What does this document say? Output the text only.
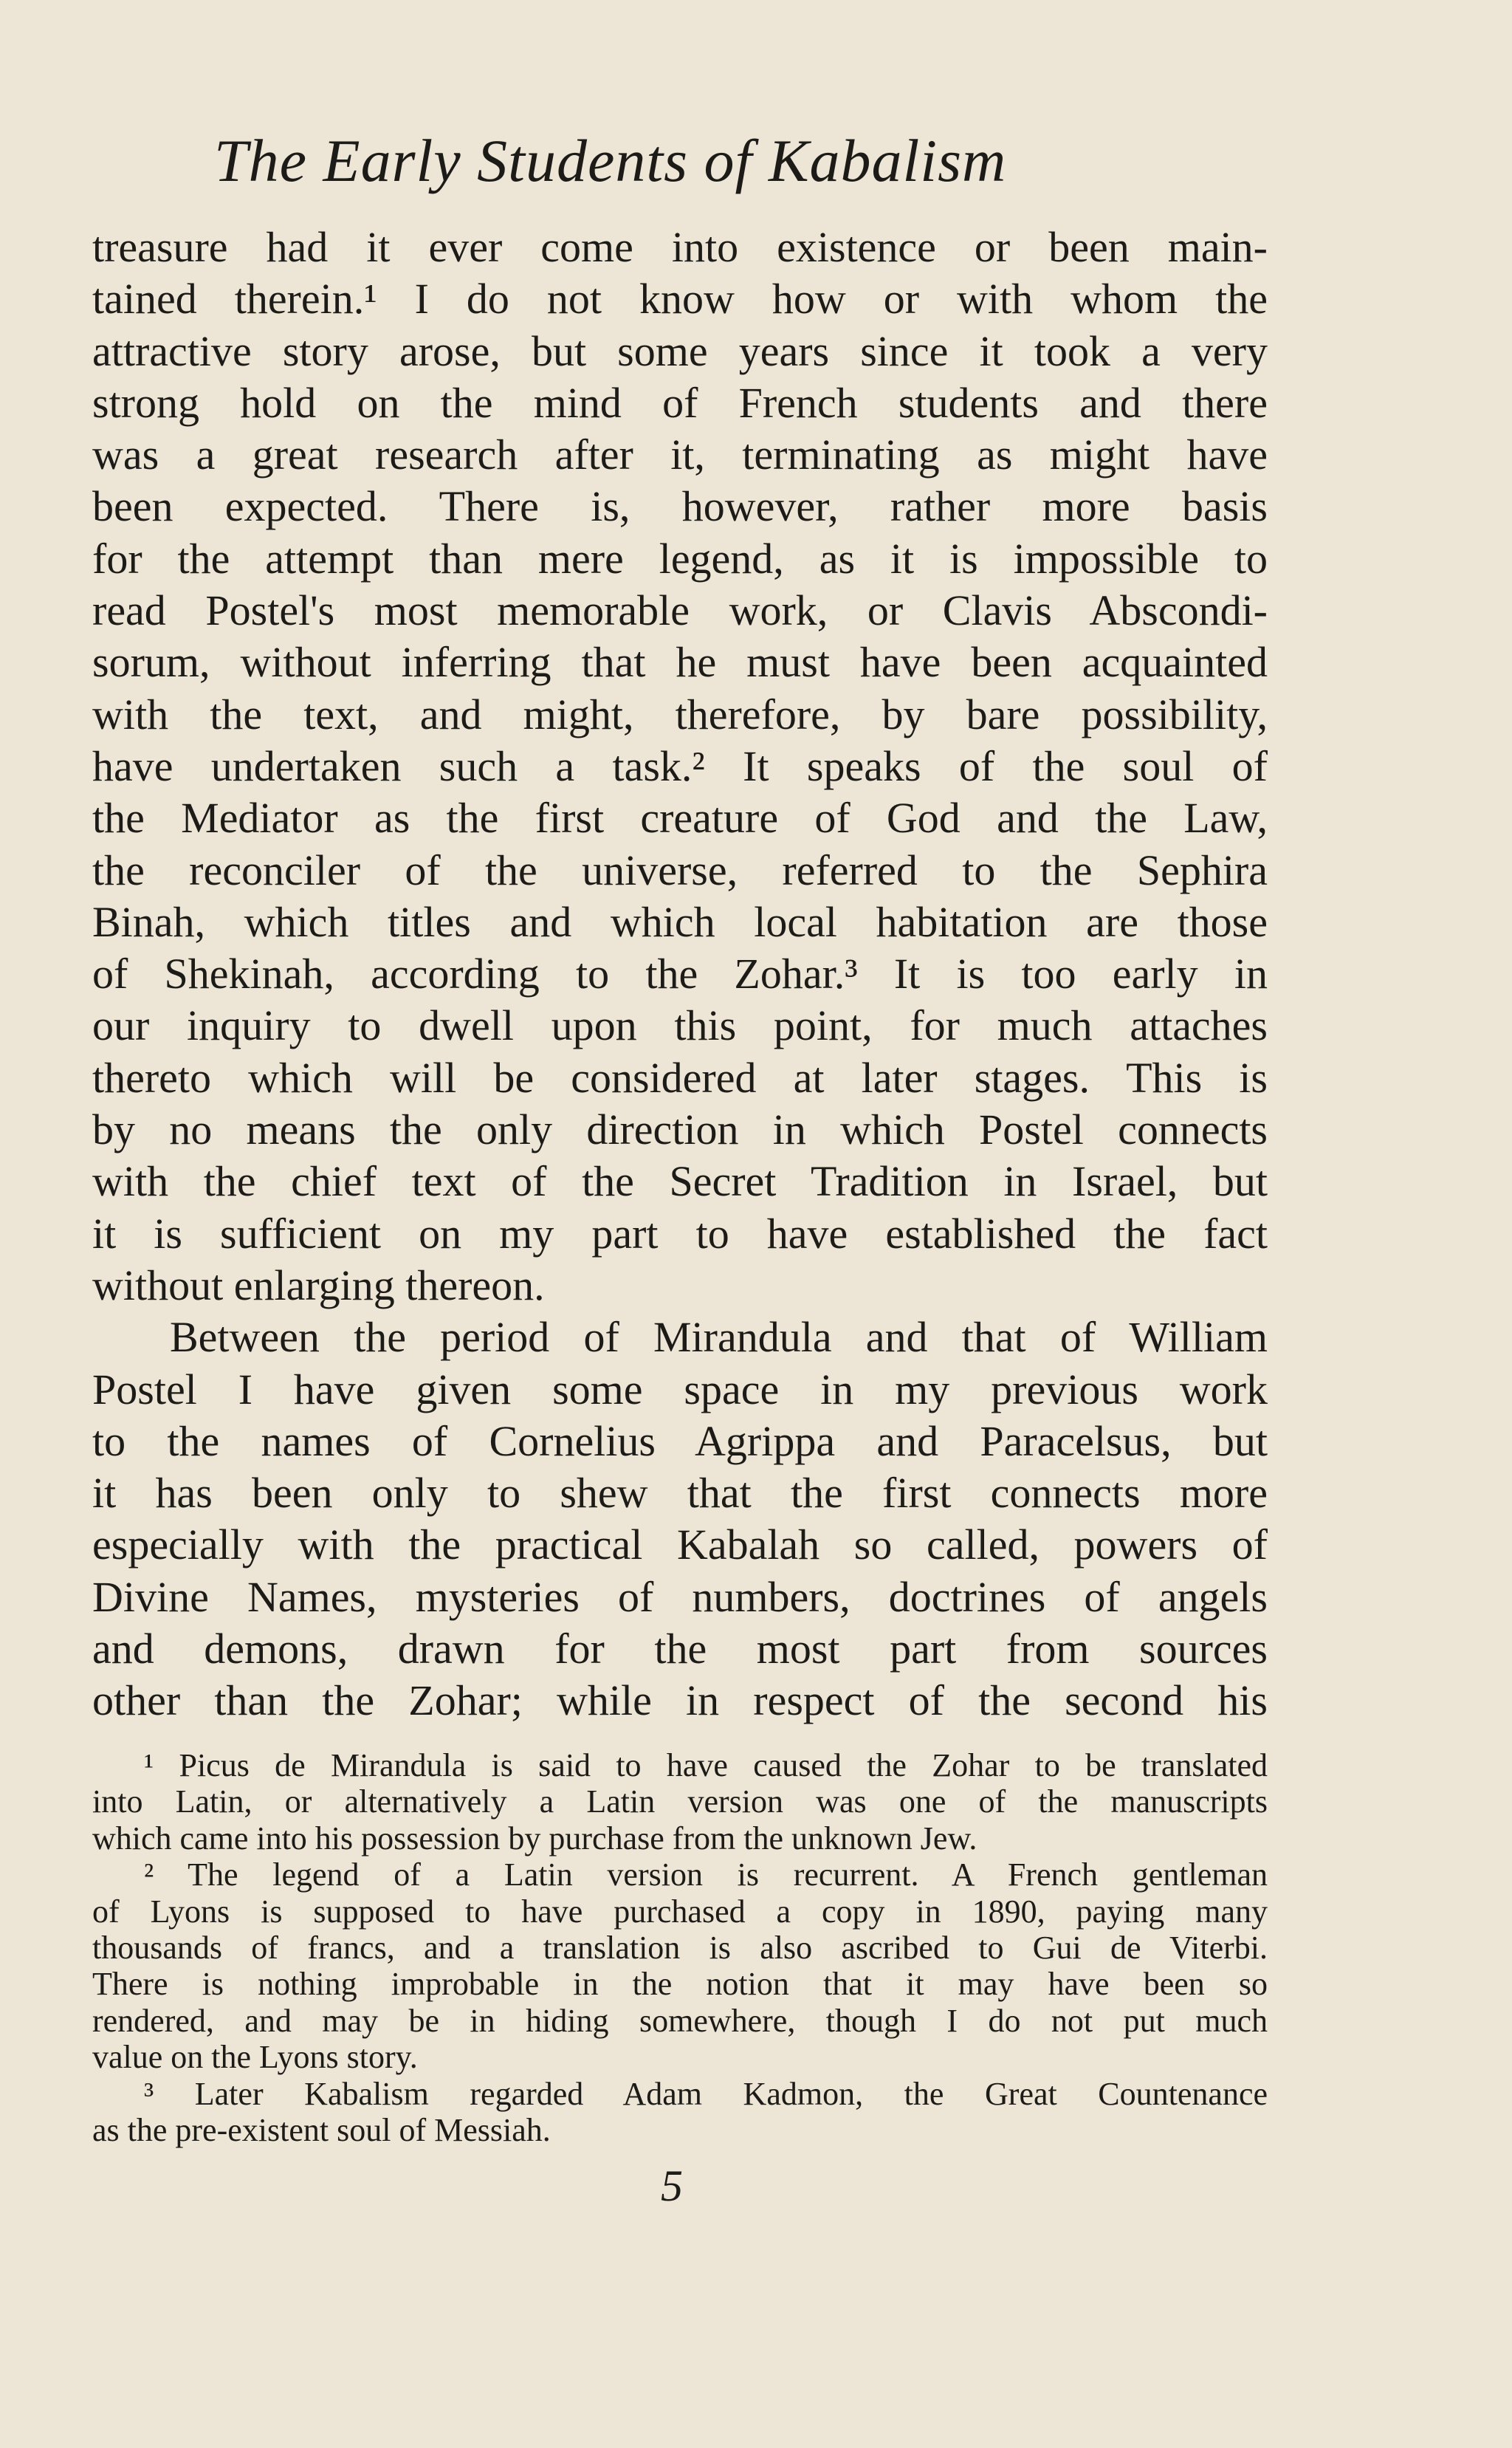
The Early Students of Kabalism
treasure had it ever come into existence or been main-
tained therein.¹ I do not know how or with whom the
attractive story arose, but some years since it took a very
strong hold on the mind of French students and there
was a great research after it, terminating as might have
been expected. There is, however, rather more basis
for the attempt than mere legend, as it is impossible to
read Postel's most memorable work, or Clavis Abscondi-
sorum, without inferring that he must have been acquainted
with the text, and might, therefore, by bare possibility,
have undertaken such a task.² It speaks of the soul of
the Mediator as the first creature of God and the Law,
the reconciler of the universe, referred to the Sephira
Binah, which titles and which local habitation are those
of Shekinah, according to the Zohar.³ It is too early in
our inquiry to dwell upon this point, for much attaches
thereto which will be considered at later stages. This is
by no means the only direction in which Postel connects
with the chief text of the Secret Tradition in Israel, but
it is sufficient on my part to have established the fact
without enlarging thereon.
Between the period of Mirandula and that of William
Postel I have given some space in my previous work
to the names of Cornelius Agrippa and Paracelsus, but
it has been only to shew that the first connects more
especially with the practical Kabalah so called, powers of
Divine Names, mysteries of numbers, doctrines of angels
and demons, drawn for the most part from sources
other than the Zohar; while in respect of the second his
¹ Picus de Mirandula is said to have caused the Zohar to be translated
into Latin, or alternatively a Latin version was one of the manuscripts
which came into his possession by purchase from the unknown Jew.
² The legend of a Latin version is recurrent. A French gentleman
of Lyons is supposed to have purchased a copy in 1890, paying many
thousands of francs, and a translation is also ascribed to Gui de Viterbi.
There is nothing improbable in the notion that it may have been so
rendered, and may be in hiding somewhere, though I do not put much
value on the Lyons story.
³ Later Kabalism regarded Adam Kadmon, the Great Countenance
as the pre-existent soul of Messiah.
5
